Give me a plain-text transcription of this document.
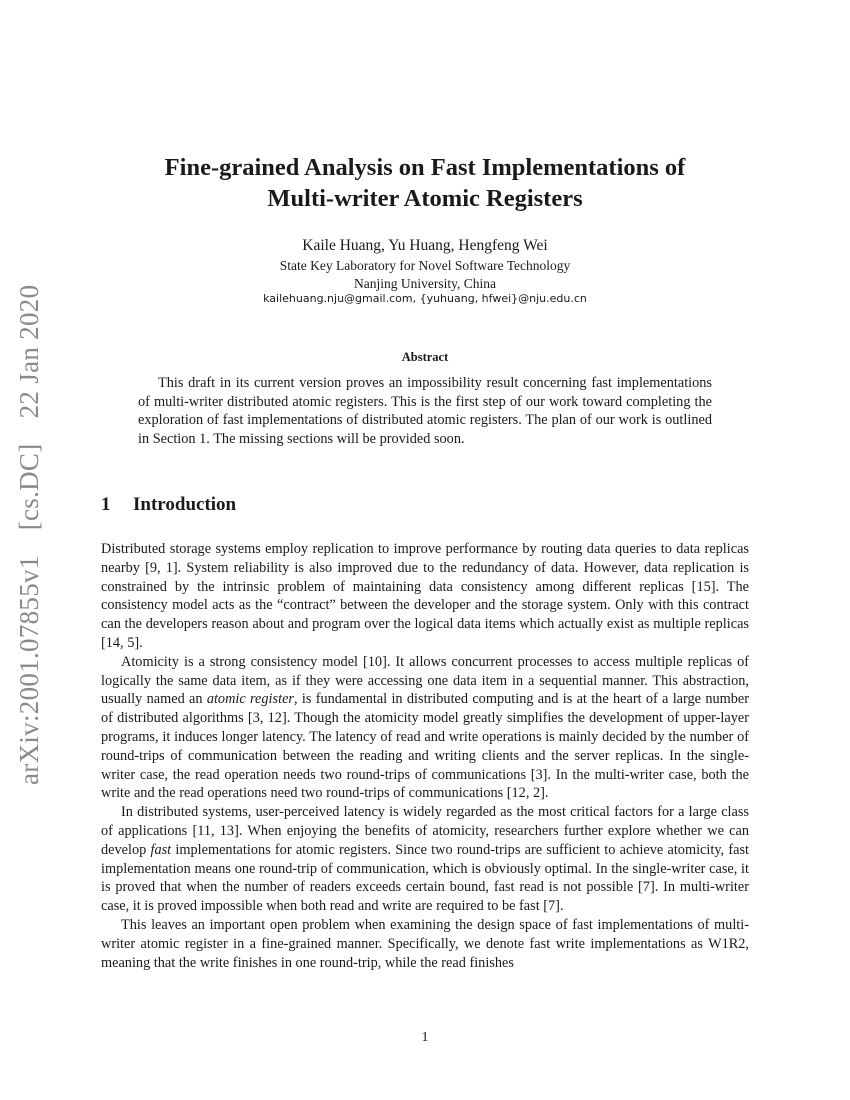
arXiv:2001.07855v1 [cs.DC] 22 Jan 2020
Fine-grained Analysis on Fast Implementations of
Multi-writer Atomic Registers
Kaile Huang, Yu Huang, Hengfeng Wei
State Key Laboratory for Novel Software Technology
Nanjing University, China
kailehuang.nju@gmail.com, {yuhuang, hfwei}@nju.edu.cn
Abstract
This draft in its current version proves an impossibility result concerning fast implementations of multi-writer distributed atomic registers. This is the first step of our work toward completing the exploration of fast implementations of distributed atomic registers. The plan of our work is outlined in Section 1. The missing sections will be provided soon.
1 Introduction

Distributed storage systems employ replication to improve performance by routing data queries to data replicas nearby [9, 1]. System reliability is also improved due to the redundancy of data. However, data replication is constrained by the intrinsic problem of maintaining data consistency among different replicas [15]. The consistency model acts as the “contract” between the developer and the storage system. Only with this contract can the developers reason about and program over the logical data items which actually exist as multiple replicas [14, 5].

Atomicity is a strong consistency model [10]. It allows concurrent processes to access multiple replicas of logically the same data item, as if they were accessing one data item in a sequential manner. This abstraction, usually named an atomic register, is fundamental in distributed computing and is at the heart of a large number of distributed algorithms [3, 12]. Though the atomicity model greatly simplifies the development of upper-layer programs, it induces longer latency. The latency of read and write operations is mainly decided by the number of round-trips of communication between the reading and writing clients and the server replicas. In the single-writer case, the read operation needs two round-trips of communications [3]. In the multi-writer case, both the write and the read operations need two round-trips of communications [12, 2].

In distributed systems, user-perceived latency is widely regarded as the most critical factors for a large class of applications [11, 13]. When enjoying the benefits of atomicity, researchers further explore whether we can develop fast implementations for atomic registers. Since two round-trips are sufficient to achieve atomicity, fast implementation means one round-trip of communication, which is obviously optimal. In the single-writer case, it is proved that when the number of readers exceeds certain bound, fast read is not possible [7]. In multi-writer case, it is proved impossible when both read and write are required to be fast [7].

This leaves an important open problem when examining the design space of fast implementations of multi-writer atomic register in a fine-grained manner. Specifically, we denote fast write implementations as W1R2, meaning that the write finishes in one round-trip, while the read finishes

1
